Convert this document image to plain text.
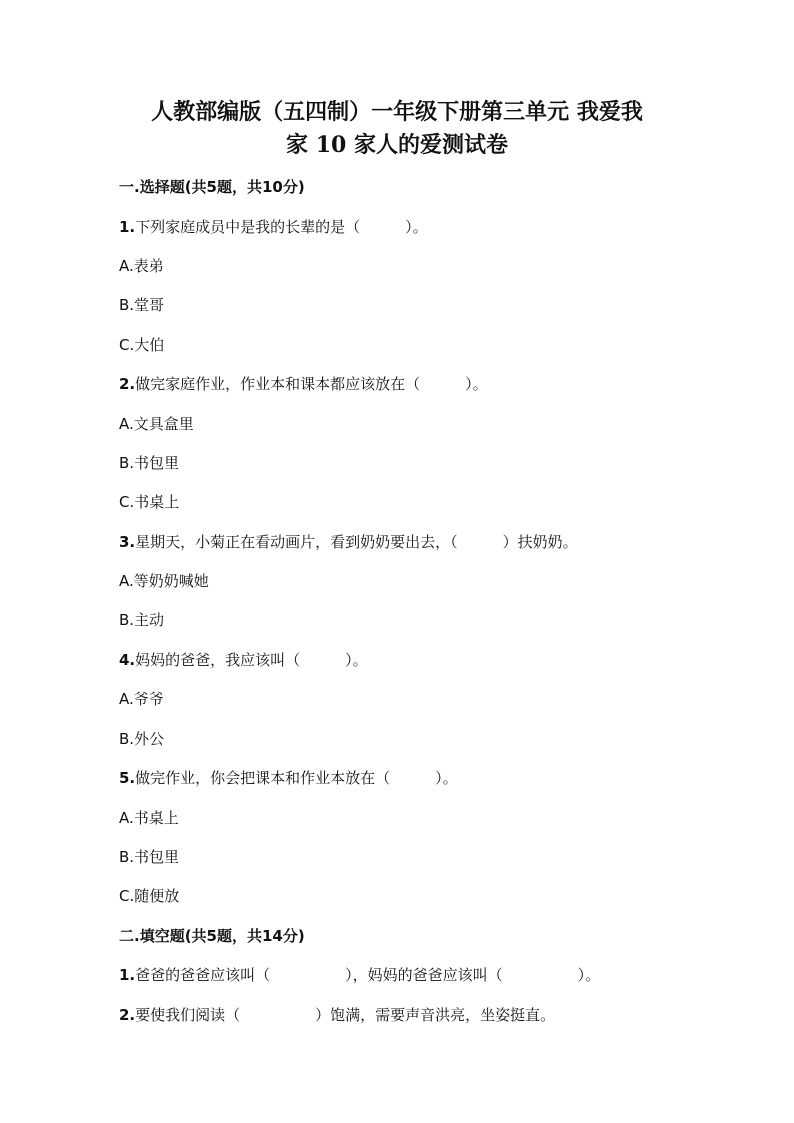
人教部编版（五四制）一年级下册第三单元 我爱我
家 10 家人的爱测试卷
一.选择题(共5题，共10分)
1.下列家庭成员中是我的长辈的是（　　　）。
A.表弟
B.堂哥
C.大伯
2.做完家庭作业，作业本和课本都应该放在（　　　）。
A.文具盒里
B.书包里
C.书桌上
3.星期天，小菊正在看动画片，看到奶奶要出去，（　　　）扶奶奶。
A.等奶奶喊她
B.主动
4.妈妈的爸爸，我应该叫（　　　）。
A.爷爷
B.外公
5.做完作业，你会把课本和作业本放在（　　　）。
A.书桌上
B.书包里
C.随便放
二.填空题(共5题，共14分)
1.爸爸的爸爸应该叫（　　　　　），妈妈的爸爸应该叫（　　　　　）。
2.要使我们阅读（　　　　　）饱满，需要声音洪亮，坐姿挺直。
